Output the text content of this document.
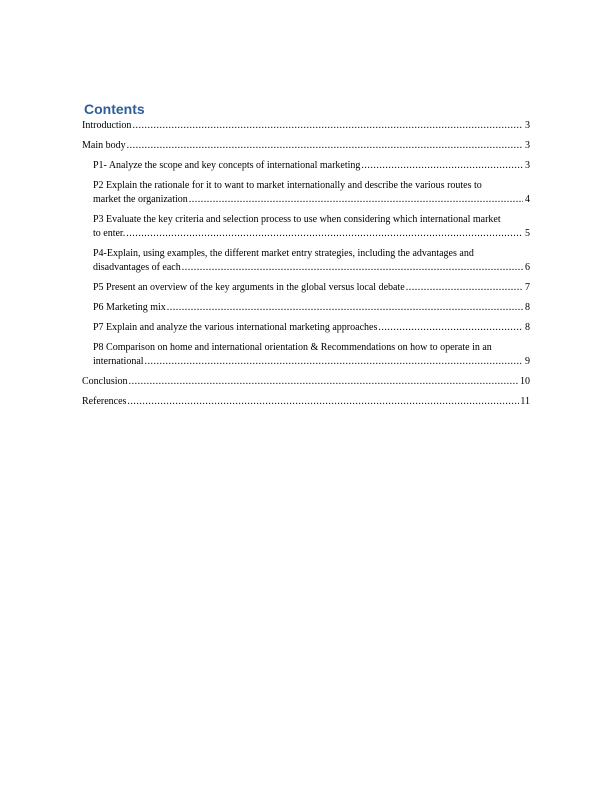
Contents
Introduction .....	3
Main body .....	3
P1- Analyze the scope and key concepts of international marketing .....	3
P2 Explain the rationale for it to want to market internationally and describe the various routes to
market the organization .....	4
P3 Evaluate the key criteria and selection process to use when considering which international market
to enter. .....	5
P4-Explain, using examples, the different market entry strategies, including the advantages and
disadvantages of each .....	6
P5 Present an overview of the key arguments in the global versus local debate .....	7
P6 Marketing mix .....	8
P7 Explain and analyze the various international marketing approaches .....	8
P8 Comparison on home and international orientation & Recommendations on how to operate in an
international .....	9
Conclusion .....	10
References .....	11
